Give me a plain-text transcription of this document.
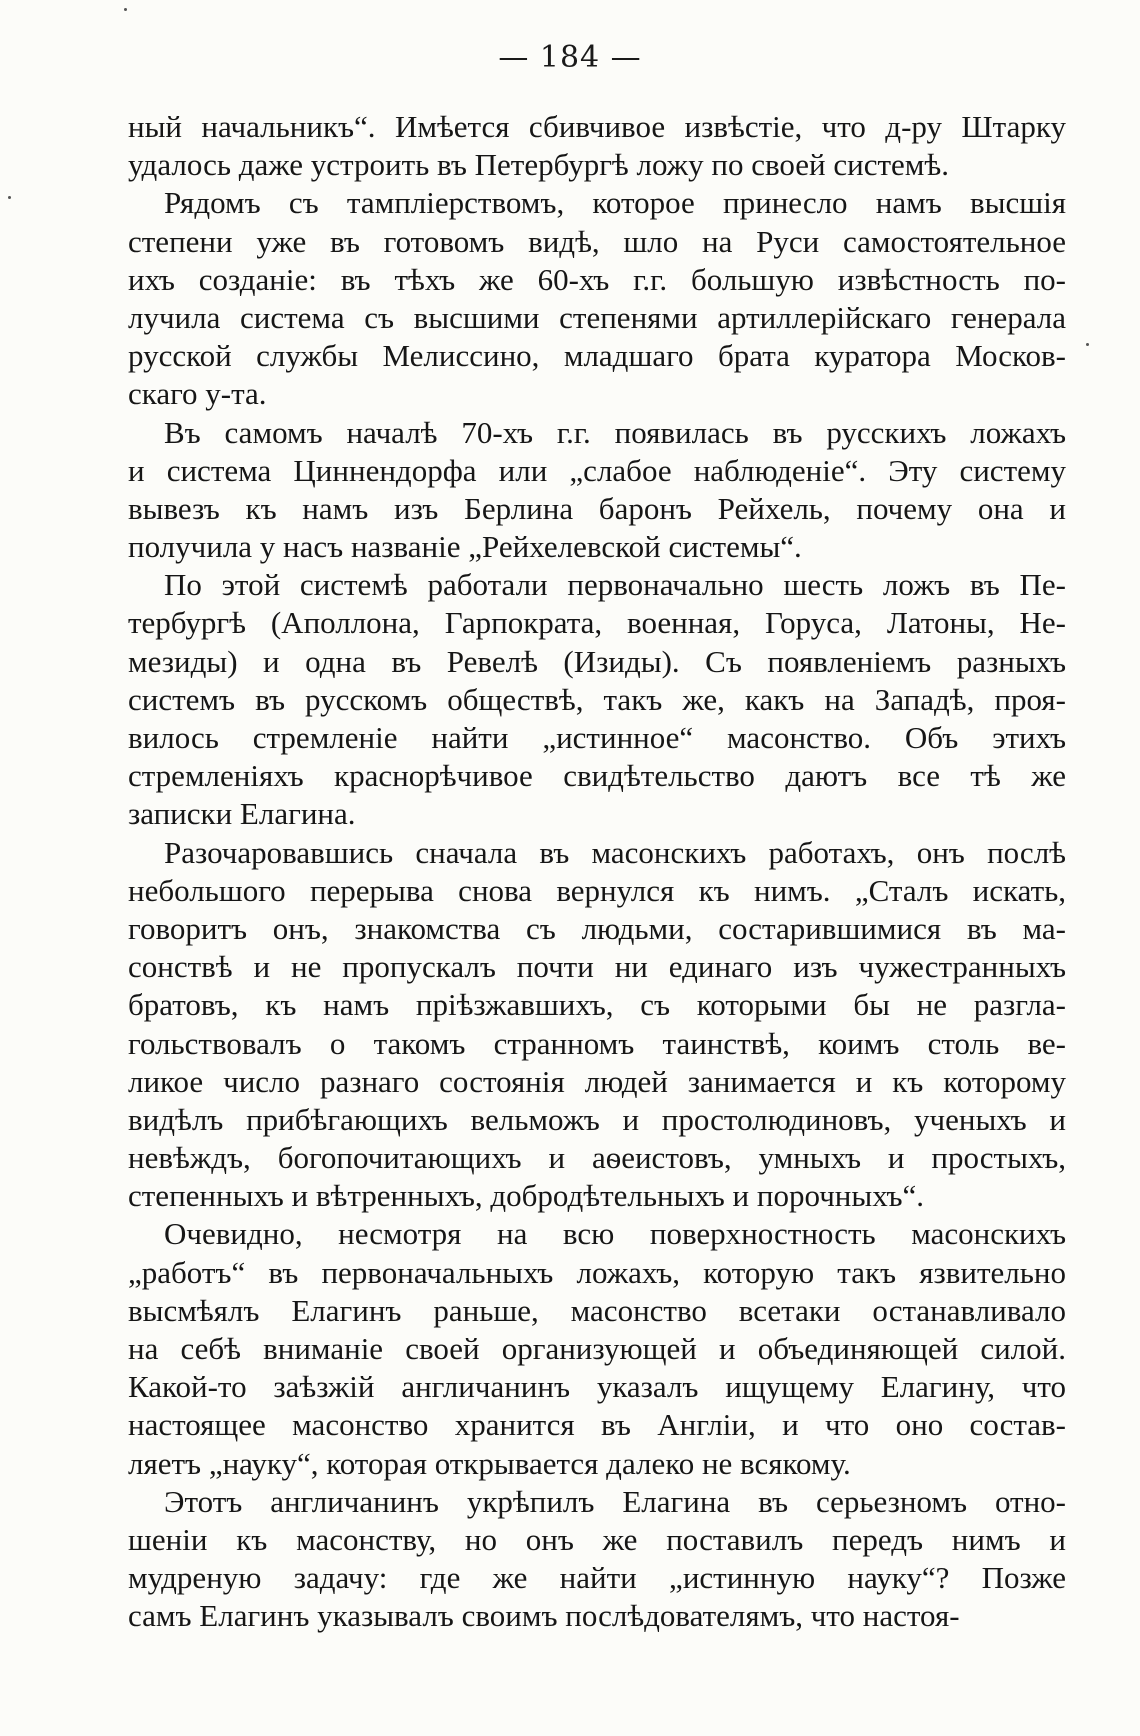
— 184 —
ный начальникъ“. Имѣется сбивчивое извѣстіе, что д-ру Штарку
удалось даже устроить въ Петербургѣ ложу по своей системѣ.
Рядомъ съ тампліерствомъ, которое принесло намъ высшія
степени уже въ готовомъ видѣ, шло на Руси самостоятельное
ихъ созданіе: въ тѣхъ же 60-хъ г.г. большую извѣстность по-
лучила система съ высшими степенями артиллерійскаго генерала
русской службы Мелиссино, младшаго брата куратора Москов-
скаго у-та.
Въ самомъ началѣ 70-хъ г.г. появилась въ русскихъ ложахъ
и система Циннендорфа или „слабое наблюденіе“. Эту систему
вывезъ къ намъ изъ Берлина баронъ Рейхель, почему она и
получила у насъ названіе „Рейхелевской системы“.
По этой системѣ работали первоначально шесть ложъ въ Пе-
тербургѣ (Аполлона, Гарпократа, военная, Горуса, Латоны, Не-
мезиды) и одна въ Ревелѣ (Изиды). Съ появленіемъ разныхъ
системъ въ русскомъ обществѣ, такъ же, какъ на Западѣ, проя-
вилось стремленіе найти „истинное“ масонство. Объ этихъ
стремленіяхъ краснорѣчивое свидѣтельство даютъ все тѣ же
записки Елагина.
Разочаровавшись сначала въ масонскихъ работахъ, онъ послѣ
небольшого перерыва снова вернулся къ нимъ. „Сталъ искать,
говоритъ онъ, знакомства съ людьми, состарившимися въ ма-
сонствѣ и не пропускалъ почти ни единаго изъ чужестранныхъ
братовъ, къ намъ пріѣзжавшихъ, съ которыми бы не разгла-
гольствовалъ о такомъ странномъ таинствѣ, коимъ столь ве-
ликое число разнаго состоянія людей занимается и къ которому
видѣлъ прибѣгающихъ вельможъ и простолюдиновъ, ученыхъ и
невѣждъ, богопочитающихъ и аѳеистовъ, умныхъ и простыхъ,
степенныхъ и вѣтренныхъ, добродѣтельныхъ и порочныхъ“.
Очевидно, несмотря на всю поверхностность масонскихъ
„работъ“ въ первоначальныхъ ложахъ, которую такъ язвительно
высмѣялъ Елагинъ раньше, масонство всетаки останавливало
на себѣ вниманіе своей организующей и объединяющей силой.
Какой-то заѣзжій англичанинъ указалъ ищущему Елагину, что
настоящее масонство хранится въ Англіи, и что оно состав-
ляетъ „науку“, которая открывается далеко не всякому.
Этотъ англичанинъ укрѣпилъ Елагина въ серьезномъ отно-
шеніи къ масонству, но онъ же поставилъ передъ нимъ и
мудреную задачу: где же найти „истинную науку“? Позже
самъ Елагинъ указывалъ своимъ послѣдователямъ, что настоя-
